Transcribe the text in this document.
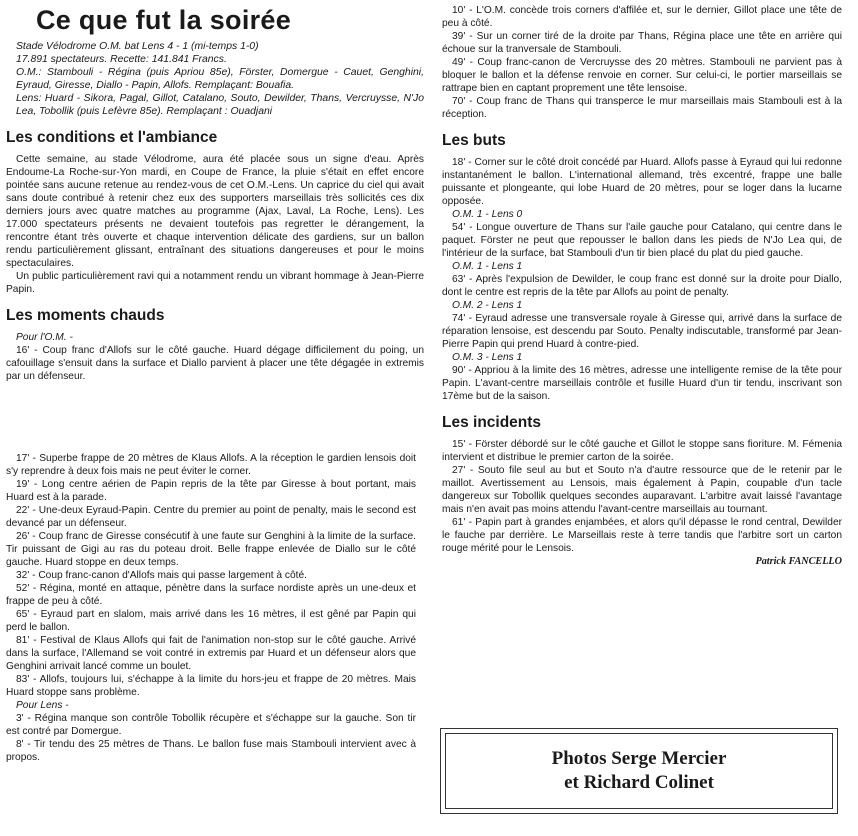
Ce que fut la soirée

Stade Vélodrome O.M. bat Lens 4 - 1 (mi-temps 1-0)

17.891 spectateurs. Recette: 141.841 Francs.

O.M.: Stambouli - Régina (puis Apriou 85e), Förster, Domergue - Cauet, Genghini, Eyraud, Giresse, Diallo - Papin, Allofs. Remplaçant: Bouafia.

Lens: Huard - Sikora, Pagal, Gillot, Catalano, Souto, Dewilder, Thans, Vercruysse, N'Jo Lea, Tobollik (puis Lefèvre 85e). Remplaçant : Ouadjani

Les conditions et l'ambiance

Cette semaine, au stade Vélodrome, aura été placée sous un signe d'eau. Après Endoume-La Roche-sur-Yon mardi, en Coupe de France, la pluie s'était en effet encore pointée sans aucune retenue au rendez-vous de cet O.M.-Lens. Un caprice du ciel qui avait sans doute contribué à retenir chez eux des supporters marseillais très sollicités ces dix derniers jours avec quatre matches au programme (Ajax, Laval, La Roche, Lens). Les 17.000 spectateurs présents ne devaient toutefois pas regretter le dérangement, la rencontre étant très ouverte et chaque intervention délicate des gardiens, sur un ballon rendu particulièrement glissant, entraînant des situations dangereuses et pour le moins spectaculaires.

Un public particulièrement ravi qui a notamment rendu un vibrant hommage à Jean-Pierre Papin.

Les moments chauds

Pour l'O.M. -

16' - Coup franc d'Allofs sur le côté gauche. Huard dégage difficilement du poing, un cafouillage s'ensuit dans la surface et Diallo parvient à placer une tête dégagée in extremis par un défenseur.

17' - Superbe frappe de 20 mètres de Klaus Allofs. A la réception le gardien lensois doit s'y reprendre à deux fois mais ne peut éviter le corner.

19' - Long centre aérien de Papin repris de la tête par Giresse à bout portant, mais Huard est à la parade.

22' - Une-deux Eyraud-Papin. Centre du premier au point de penalty, mais le second est devancé par un défenseur.

26' - Coup franc de Giresse consécutif à une faute sur Genghini à la limite de la surface. Tir puissant de Gigi au ras du poteau droit. Belle frappe enlevée de Diallo sur le côté gauche. Huard stoppe en deux temps.

32' - Coup franc-canon d'Allofs mais qui passe largement à côté.

52' - Régina, monté en attaque, pénètre dans la surface nordiste après un une-deux et frappe de peu à côté.

65' - Eyraud part en slalom, mais arrivé dans les 16 mètres, il est gêné par Papin qui perd le ballon.

81' - Festival de Klaus Allofs qui fait de l'animation non-stop sur le côté gauche. Arrivé dans la surface, l'Allemand se voit contré in extremis par Huard et un défenseur alors que Genghini arrivait lancé comme un boulet.

83' - Allofs, toujours lui, s'échappe à la limite du hors-jeu et frappe de 20 mètres. Mais Huard stoppe sans problème.

Pour Lens -

3' - Régina manque son contrôle Tobollik récupère et s'échappe sur la gauche. Son tir est contré par Domergue.

8' - Tir tendu des 25 mètres de Thans. Le ballon fuse mais Stambouli intervient avec à propos.

10' - L'O.M. concède trois corners d'affilée et, sur le dernier, Gillot place une tête de peu à côté.

39' - Sur un corner tiré de la droite par Thans, Régina place une tête en arrière qui échoue sur la tranversale de Stambouli.

49' - Coup franc-canon de Vercruysse des 20 mètres. Stambouli ne parvient pas à bloquer le ballon et la défense renvoie en corner. Sur celui-ci, le portier marseillais se rattrape bien en captant proprement une tête lensoise.

70' - Coup franc de Thans qui transperce le mur marseillais mais Stambouli est à la réception.

Les buts

18' - Corner sur le côté droit concédé par Huard. Allofs passe à Eyraud qui lui redonne instantanément le ballon. L'international allemand, très excentré, frappe une balle puissante et plongeante, qui lobe Huard de 20 mètres, pour se loger dans la lucarne opposée.

O.M. 1 - Lens 0

54' - Longue ouverture de Thans sur l'aile gauche pour Catalano, qui centre dans le paquet. Förster ne peut que repousser le ballon dans les pieds de N'Jo Lea qui, de l'intérieur de la surface, bat Stambouli d'un tir bien placé du plat du pied gauche.

O.M. 1 - Lens 1

63' - Après l'expulsion de Dewilder, le coup franc est donné sur la droite pour Diallo, dont le centre est repris de la tête par Allofs au point de penalty.

O.M. 2 - Lens 1

74' - Eyraud adresse une transversale royale à Giresse qui, arrivé dans la surface de réparation lensoise, est descendu par Souto. Penalty indiscutable, transformé par Jean-Pierre Papin qui prend Huard à contre-pied.

O.M. 3 - Lens 1

90' - Appriou à la limite des 16 mètres, adresse une intelligente remise de la tête pour Papin. L'avant-centre marseillais contrôle et fusille Huard d'un tir tendu, inscrivant son 17ème but de la saison.

Les incidents

15' - Förster débordé sur le côté gauche et Gillot le stoppe sans fioriture. M. Fémenia intervient et distribue le premier carton de la soirée.

27' - Souto file seul au but et Souto n'a d'autre ressource que de le retenir par le maillot. Avertissement au Lensois, mais également à Papin, coupable d'un tacle dangereux sur Tobollik quelques secondes auparavant. L'arbitre avait laissé l'avantage mais n'en avait pas moins attendu l'avant-centre marseillais au tournant.

61' - Papin part à grandes enjambées, et alors qu'il dépasse le rond central, Dewilder le fauche par derrière. Le Marseillais reste à terre tandis que l'arbitre sort un carton rouge mérité pour le Lensois.

Patrick FANCELLO

Photos Serge Mercier
et Richard Colinet
